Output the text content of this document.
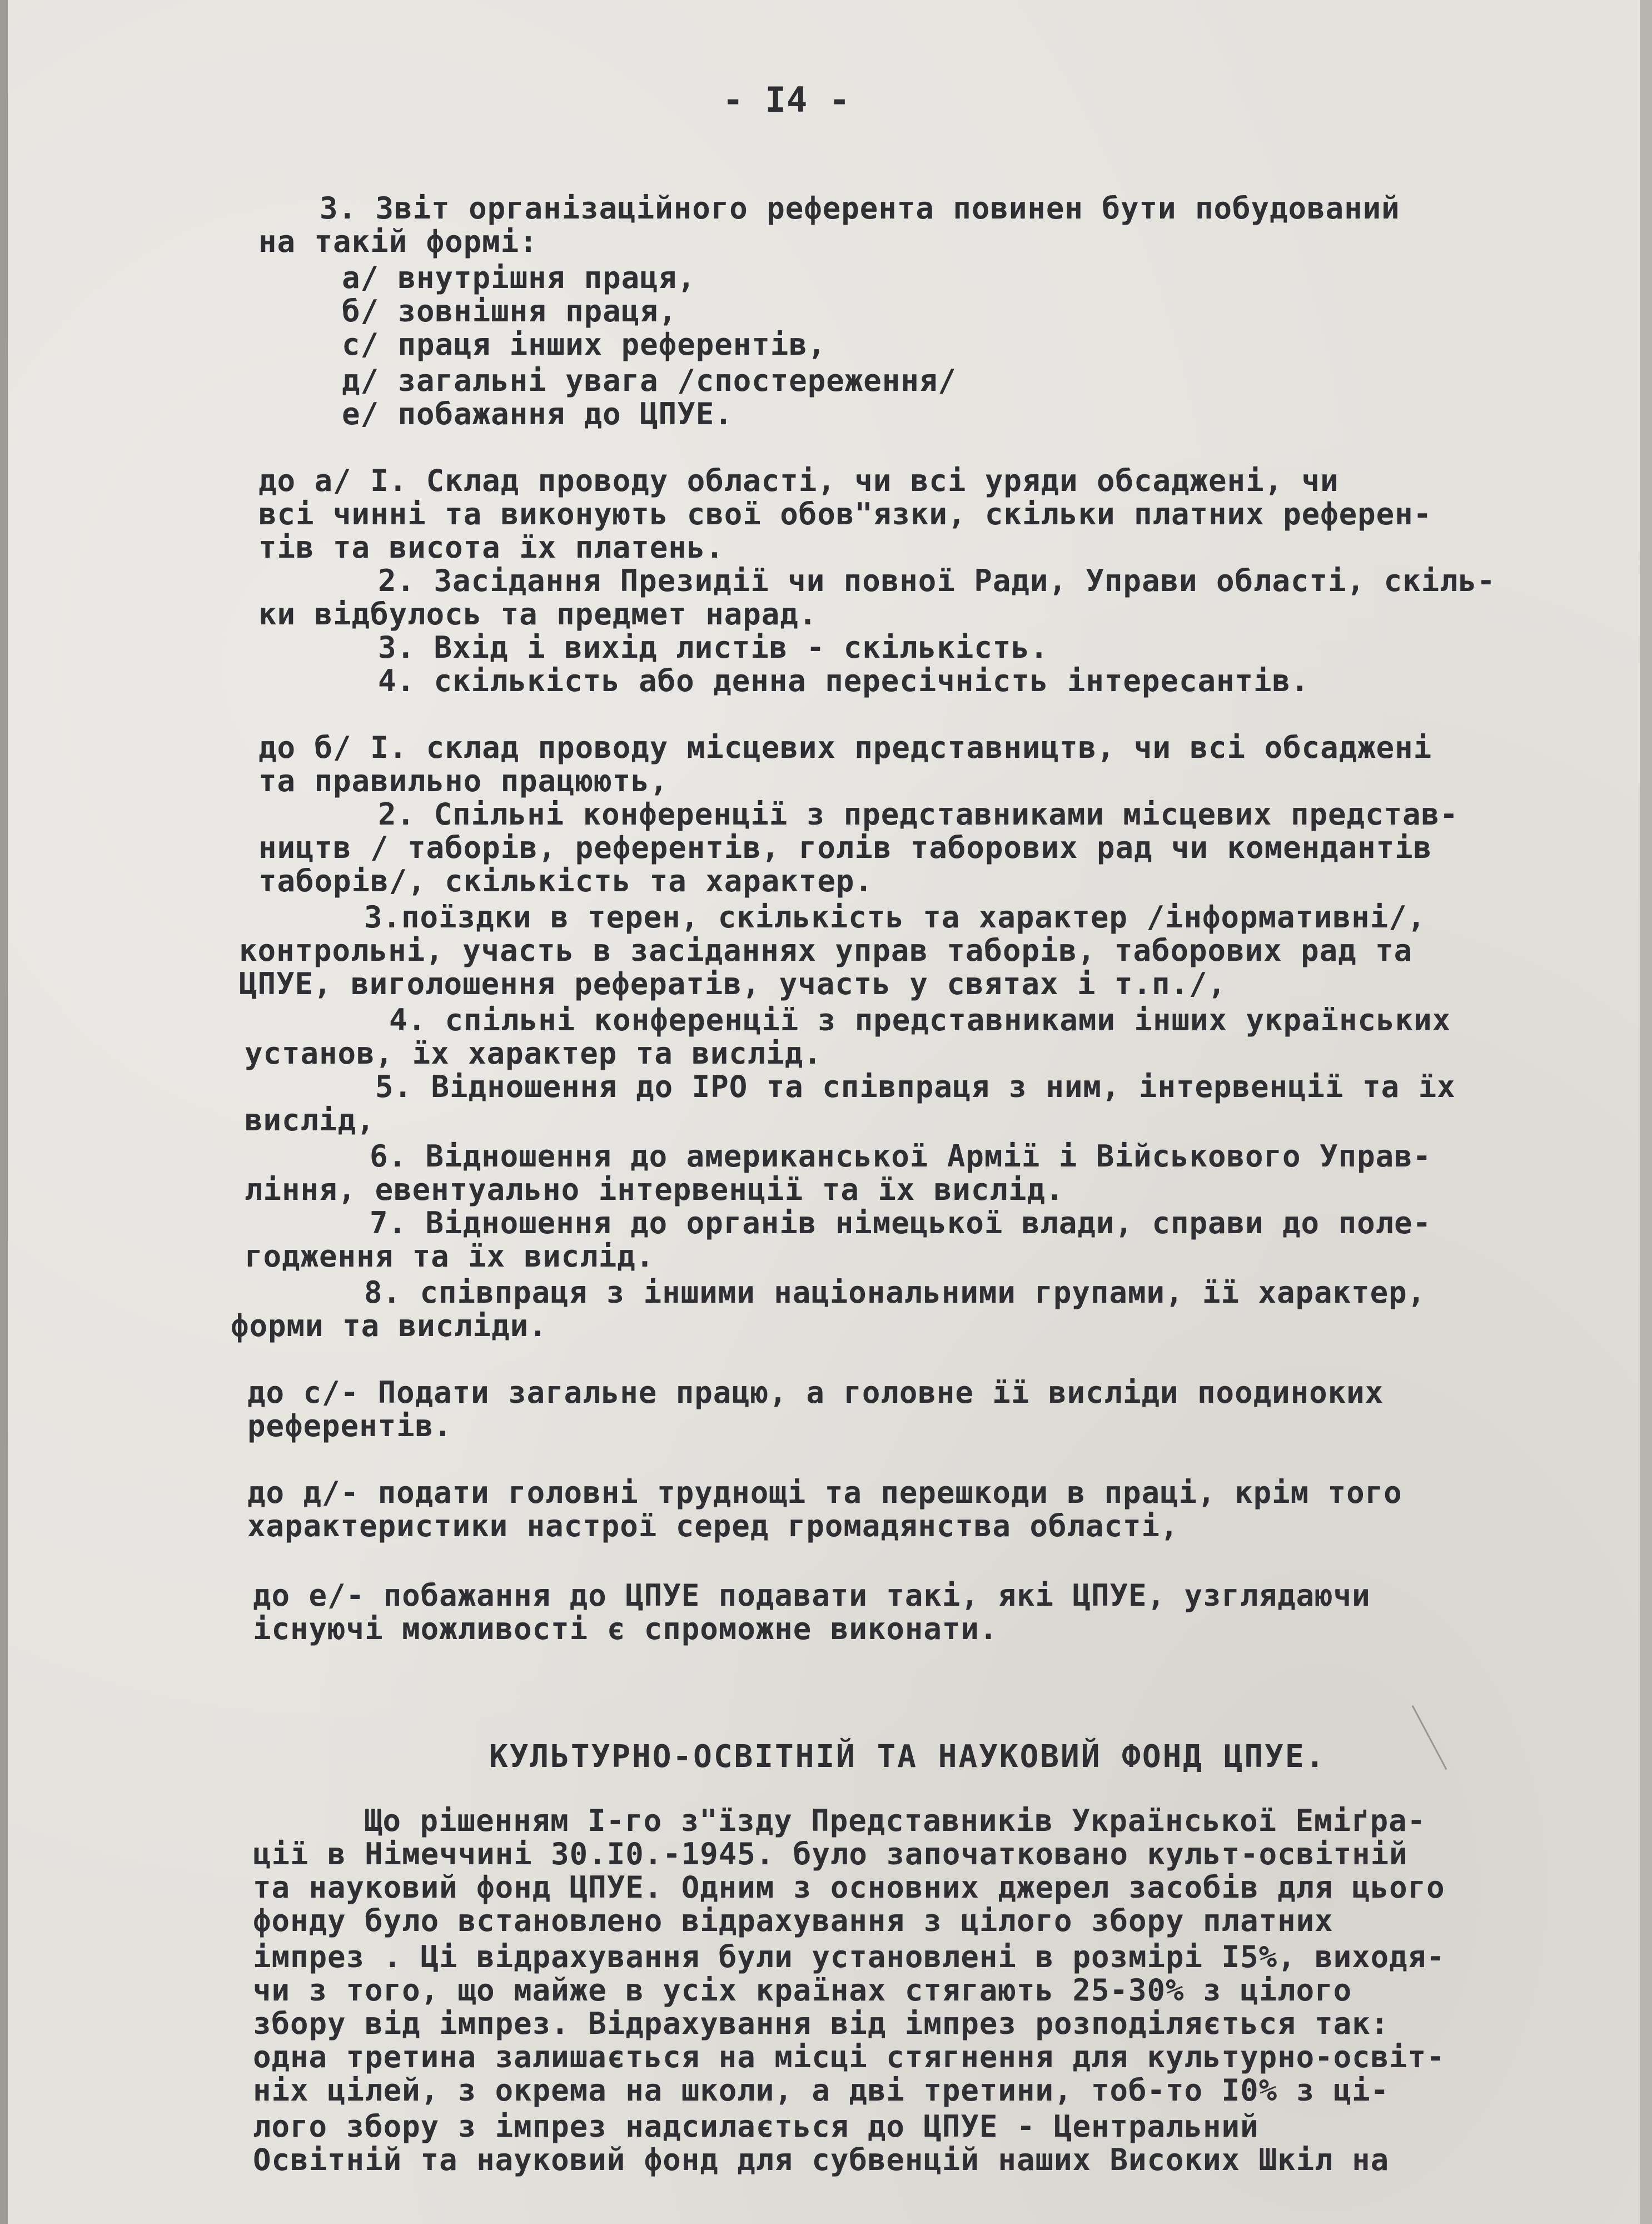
- I4 -

3. Звіт організаційного референта повинен бути побудований

на такій формі:

а/ внутрішня праця,

б/ зовнішня праця,

с/ праця інших референтів,

д/ загальні увага /спостереження/

е/ побажання до ЦПУЕ.

до а/ І. Склад проводу області, чи всі уряди обсаджені, чи

всі чинні та виконують свої обов"язки, скільки платних референ-

тів та висота їх платень.

2. Засідання Президії чи повної Ради, Управи області, скіль-

ки відбулось та предмет нарад.

3. Вхід і вихід листів - скількість.

4. скількість або денна пересічність інтересантів.

до б/ І. склад проводу місцевих представництв, чи всі обсаджені

та правильно працюють,

2. Спільні конференції з представниками місцевих представ-

ництв / таборів, референтів, голів таборових рад чи комендантів

таборів/, скількість та характер.

3.поїздки в терен, скількість та характер /інформативні/,

контрольні, участь в засіданнях управ таборів, таборових рад та

ЦПУЕ, виголошення рефератів, участь у святах і т.п./,

4. спільні конференції з представниками інших українських

установ, їх характер та вислід.

5. Відношення до IPO та співпраця з ним, інтервенції та їх

вислід,

6. Відношення до американської Армії і Військового Управ-

ління, евентуально інтервенції та їх вислід.

7. Відношення до органів німецької влади, справи до поле-

годження та їх вислід.

8. співпраця з іншими національними групами, її характер,

форми та висліди.

до с/- Подати загальне працю, а головне її висліди поодиноких

референтів.

до д/- подати головні труднощі та перешкоди в праці, крім того

характеристики настрої серед громадянства області,

до е/- побажання до ЦПУЕ подавати такі, які ЦПУЕ, узглядаючи

існуючі можливості є спроможне виконати.

КУЛЬТУРНО-ОСВІТНІЙ ТА НАУКОВИЙ ФОНД ЦПУЕ.

Що рішенням І-го з"їзду Представників Української Еміґра-

ції в Німеччині 30.I0.-1945. було започатковано культ-освітній

та науковий фонд ЦПУЕ. Одним з основних джерел засобів для цього

фонду було встановлено відрахування з цілого збору платних

імпрез . Ці відрахування були установлені в розмірі I5%, виходя-

чи з того, що майже в усіх країнах стягають 25-30% з цілого

збору від імпрез. Відрахування від імпрез розподіляється так:

одна третина залишається на місці стягнення для культурно-освіт-

ніх цілей, з окрема на школи, а дві третини, тоб-то I0% з ці-

лого збору з імпрез надсилається до ЦПУЕ - Центральний

Освітній та науковий фонд для субвенцій наших Високих Шкіл на
